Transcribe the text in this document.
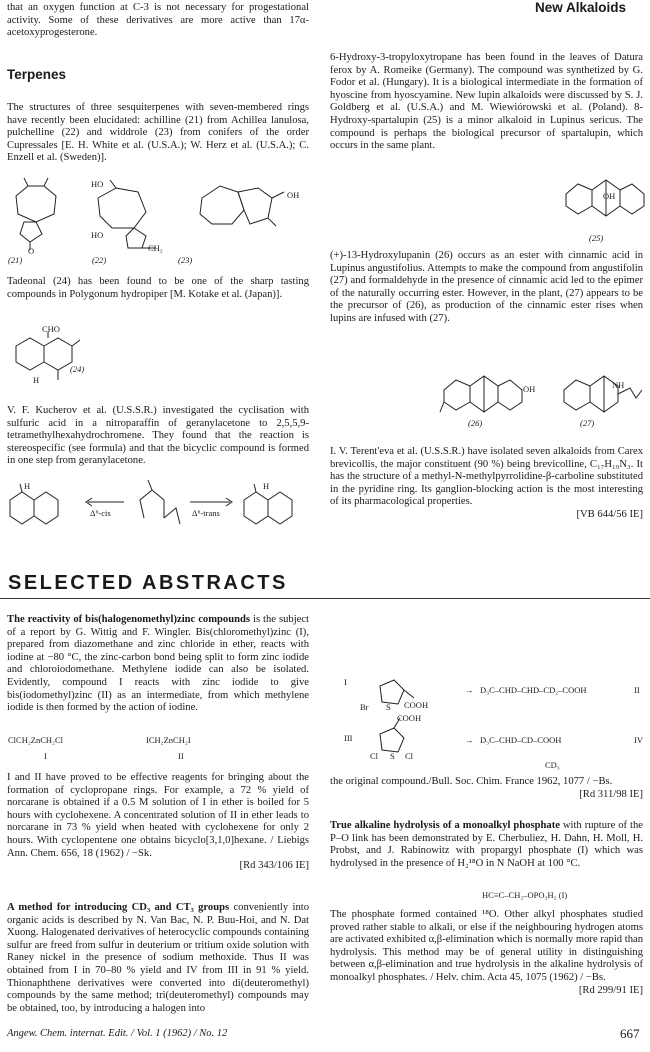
that an oxygen function at C-3 is not necessary for progestational activity. Some of these derivatives are more active than 17α-acetoxyprogesterone.

Terpenes

The structures of three sesquiterpenes with seven-membered rings have recently been elucidated: achilline (21) from Achillea lanulosa, pulchelline (22) and widdrole (23) from conifers of the order Cupressales [E. H. White et al. (U.S.A.); W. Herz et al. (U.S.A.); C. Enzell et al. (Sweden)].

HO
HO
CH₂
O
OH
(21)	(22)	(23)

Tadeonal (24) has been found to be one of the sharp tasting compounds in Polygonum hydropiper [M. Kotake et al. (Japan)].

CHO
H
(24)

V. F. Kucherov et al. (U.S.S.R.) investigated the cyclisation with sulfuric acid in a nitroparaffin of geranylacetone to 2,5,5,9-tetramethylhexahydrochromene. They found that the reaction is stereospecific (see formula) and that the bicyclic compound is formed in one step from geranylacetone.

H	H
Δ⁶-cis	Δ⁶-trans
New Alkaloids

6-Hydroxy-3-tropyloxytropane has been found in the leaves of Datura ferox by A. Romeike (Germany). The compound was synthetized by G. Fodor et al. (Hungary). It is a biological intermediate in the formation of hyoscine from hyoscyamine. New lupin alkaloids were discussed by S. J. Goldberg et al. (U.S.A.) and M. Wiewiórowski et al. (Poland). 8-Hydroxy-spartalupin (25) is a minor alkaloid in Lupinus sericus. The compound is perhaps the biological precursor of spartalupin, which occurs in the same plant.

OH
(25)

(+)-13-Hydroxylupanin (26) occurs as an ester with cinnamic acid in Lupinus angustifolius. Attempts to make the compound from angustifolin (27) and formaldehyde in the presence of cinnamic acid led to the epimer of the naturally occurring ester. However, in the plant, (27) appears to be the precursor of (26), as production of the cinnamic ester rises when lupins are infused with (27).

OH	NH
(26)	(27)

I. V. Terent'eva et al. (U.S.S.R.) have isolated seven alkaloids from Carex brevicollis, the major constituent (90 %) being brevicolline, C₁₇H₁₉N₃. It has the structure of a methyl-N-methylpyrrolidine-β-carboline substituted in the pyridine ring. Its ganglion-blocking action is the most interesting of its pharmacological properties.
[VB 644/56 IE]

SELECTED ABSTRACTS

The reactivity of bis(halogenomethyl)zinc compounds is the subject of a report by G. Wittig and F. Wingler. Bis(chloromethyl)zinc (I), prepared from diazomethane and zinc chloride in ether, reacts with iodine at −80 °C, the zinc-carbon bond being split to form zinc iodide and chloroiodomethane. Methylene iodide can also be isolated. Evidently, compound I reacts with zinc iodide to give bis(iodomethyl)zinc (II) as an intermediate, from which methylene iodide is then formed by the action of iodine.

ClCH₂ZnCH₂Cl	ICH₂ZnCH₂I
I	II

I and II have proved to be effective reagents for bringing about the formation of cyclopropane rings. For example, a 72 % yield of norcarane is obtained if a 0.5 M solution of I in ether is boiled for 5 hours with cyclohexene. A concentrated solution of II in ether leads to norcarane in 73 % yield when heated with cyclohexene for only 2 hours. With cyclopentene one obtains bicyclo[3,1,0]hexane. / Liebigs Ann. Chem. 656, 18 (1962) / −Sk.
[Rd 343/106 IE]

A method for introducing CD₃ and CT₃ groups conveniently into organic acids is described by N. Van Bac, N. P. Buu-Hoi, and N. Dat Xuong. Halogenated derivatives of heterocyclic compounds containing sulfur are freed from sulfur in deuterium or tritium oxide solution with Raney nickel in the presence of sodium methoxide. Thus II was obtained from I in 70–80 % yield and IV from III in 91 % yield. Thionaphthene derivatives were converted into di(deuteromethyl) compounds by the same method; tri(deuteromethyl) compounds may be obtained, too, by introducing a halogen into

I
Br S COOH
→ D₃C–CHD–CHD–CD₂–COOH	II
COOH
III
Cl S Cl
→ D₃C–CHD–CD–COOH	IV
CD₃

the original compound./Bull. Soc. Chim. France 1962, 1077 / −Bs.
[Rd 311/98 IE]

True alkaline hydrolysis of a monoalkyl phosphate with rupture of the P–O link has been demonstrated by E. Cherbuliez, H. Dahn, H. Moll, H. Probst, and J. Rabinowitz with propargyl phosphate (I) which was hydrolysed in the presence of H₂¹⁸O in N NaOH at 100 °C.

HC≡C–CH₂–OPO₃H₂ (I)

The phosphate formed contained ¹⁸O. Other alkyl phosphates studied proved rather stable to alkali, or else if the neighbouring hydrogen atoms are activated exhibited α,β-elimination which is normally more rapid than hydrolysis. This method may be of general utility in distinguishing between α,β-elimination and true hydrolysis in the alkaline hydrolysis of monoalkyl phosphates. / Helv. chim. Acta 45, 1075 (1962) / −Bs.
[Rd 299/91 IE]

Angew. Chem. internat. Edit. / Vol. 1 (1962) / No. 12	667
